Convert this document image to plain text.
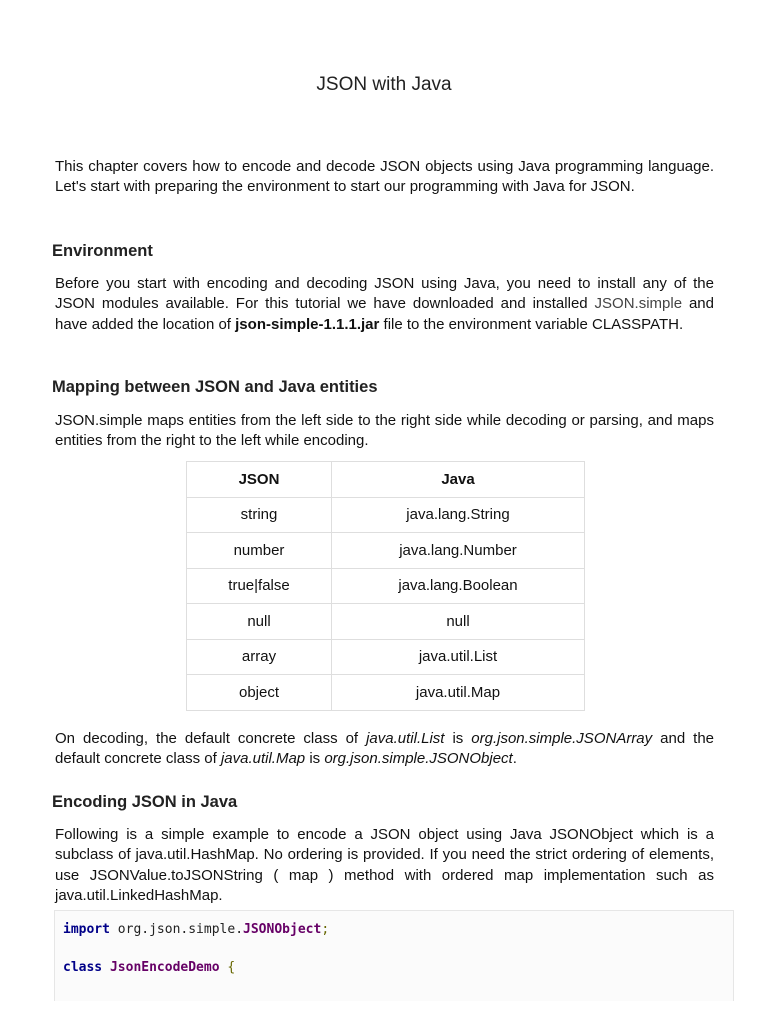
JSON with Java

This chapter covers how to encode and decode JSON objects using Java programming language. Let's start with preparing the environment to start our programming with Java for JSON.

Environment

Before you start with encoding and decoding JSON using Java, you need to install any of the JSON modules available. For this tutorial we have downloaded and installed JSON.simple and have added the location of json-simple-1.1.1.jar file to the environment variable CLASSPATH.

Mapping between JSON and Java entities

JSON.simple maps entities from the left side to the right side while decoding or parsing, and maps entities from the right to the left while encoding.

JSON	Java
string	java.lang.String
number	java.lang.Number
true|false	java.lang.Boolean
null	null
array	java.util.List
object	java.util.Map

On decoding, the default concrete class of java.util.List is org.json.simple.JSONArray and the default concrete class of java.util.Map is org.json.simple.JSONObject.

Encoding JSON in Java

Following is a simple example to encode a JSON object using Java JSONObject which is a subclass of java.util.HashMap. No ordering is provided. If you need the strict ordering of elements, use JSONValue.toJSONString ( map ) method with ordered map implementation such as java.util.LinkedHashMap.

import org.json.simple.JSONObject;
class JsonEncodeDemo {
